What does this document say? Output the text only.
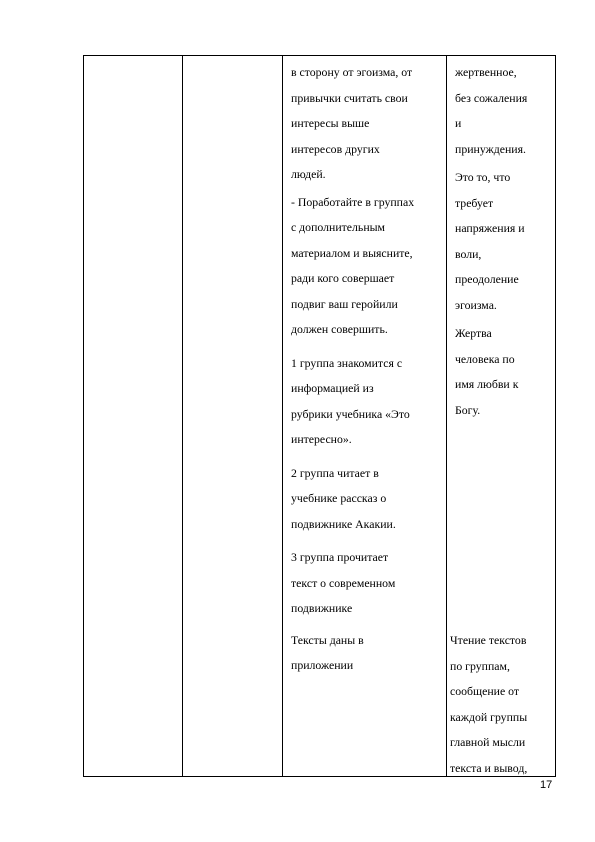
в сторону от эгоизма, от
привычки считать свои
интересы выше
интересов других
людей.

- Поработайте в группах
с дополнительным
материалом и выясните,
ради кого совершает
подвиг ваш геройили
должен совершить.

1 группа знакомится с
информацией из
рубрики учебника «Это
интересно».

2 группа читает в
учебнике рассказ о
подвижнике Акакии.

3 группа прочитает
текст о современном
подвижнике

Тексты даны в
приложении

жертвенное,
без сожаления
и
принуждения.

Это то, что
требует
напряжения и
воли,
преодоление
эгоизма.

Жертва
человека по
имя любви к
Богу.

Чтение текстов
по группам,
сообщение от
каждой группы
главной мысли
текста и вывод,

17
